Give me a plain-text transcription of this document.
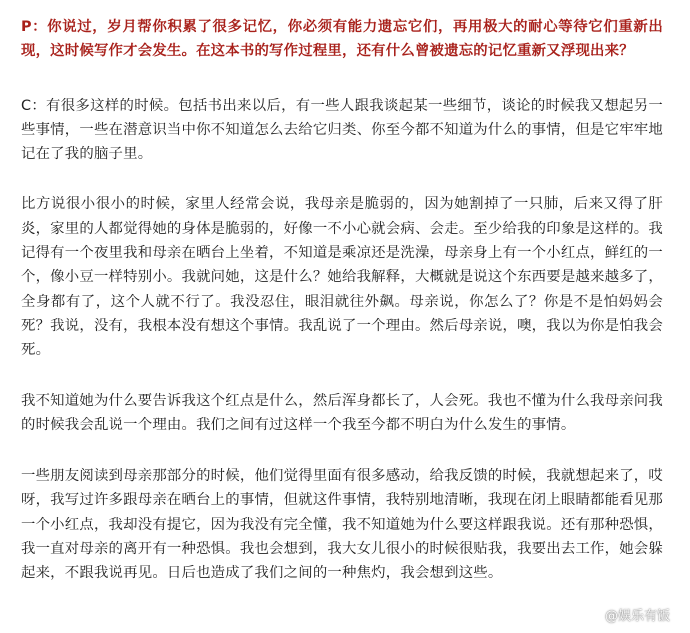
P：你说过，岁月帮你积累了很多记忆，你必须有能力遗忘它们，再用极大的耐心等待它们重新出现，这时候写作才会发生。在这本书的写作过程里，还有什么曾被遗忘的记忆重新又浮现出来？

C：有很多这样的时候。包括书出来以后，有一些人跟我谈起某一些细节，谈论的时候我又想起另一些事情，一些在潜意识当中你不知道怎么去给它归类、你至今都不知道为什么的事情，但是它牢牢地记在了我的脑子里。

比方说很小很小的时候，家里人经常会说，我母亲是脆弱的，因为她割掉了一只肺，后来又得了肝炎，家里的人都觉得她的身体是脆弱的，好像一不小心就会病、会走。至少给我的印象是这样的。我记得有一个夜里我和母亲在晒台上坐着，不知道是乘凉还是洗澡，母亲身上有一个小红点，鲜红的一个，像小豆一样特别小。我就问她，这是什么？她给我解释，大概就是说这个东西要是越来越多了，全身都有了，这个人就不行了。我没忍住，眼泪就往外飙。母亲说，你怎么了？你是不是怕妈妈会死？我说，没有，我根本没有想这个事情。我乱说了一个理由。然后母亲说，噢，我以为你是怕我会死。

我不知道她为什么要告诉我这个红点是什么，然后浑身都长了，人会死。我也不懂为什么我母亲问我的时候我会乱说一个理由。我们之间有过这样一个我至今都不明白为什么发生的事情。

一些朋友阅读到母亲那部分的时候，他们觉得里面有很多感动，给我反馈的时候，我就想起来了，哎呀，我写过许多跟母亲在晒台上的事情，但就这件事情，我特别地清晰，我现在闭上眼睛都能看见那一个小红点，我却没有提它，因为我没有完全懂，我不知道她为什么要这样跟我说。还有那种恐惧，我一直对母亲的离开有一种恐惧。我也会想到，我大女儿很小的时候很贴我，我要出去工作，她会躲起来，不跟我说再见。日后也造成了我们之间的一种焦灼，我会想到这些。

@娱乐有饭
